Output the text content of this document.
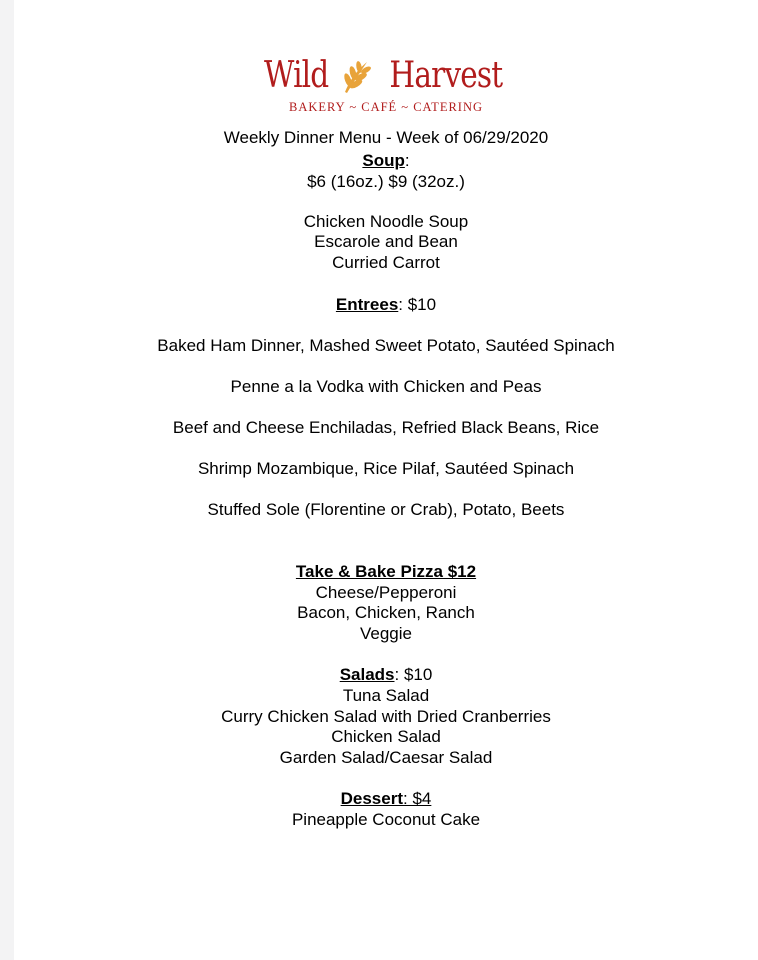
Wild Harvest
BAKERY ~ CAFÉ ~ CATERING
Weekly Dinner Menu - Week of 06/29/2020
Soup:
$6 (16oz.) $9 (32oz.)
Chicken Noodle Soup
Escarole and Bean
Curried Carrot
Entrees: $10
Baked Ham Dinner, Mashed Sweet Potato, Sautéed Spinach
Penne a la Vodka with Chicken and Peas
Beef and Cheese Enchiladas, Refried Black Beans, Rice
Shrimp Mozambique, Rice Pilaf, Sautéed Spinach
Stuffed Sole (Florentine or Crab), Potato, Beets
Take & Bake Pizza $12
Cheese/Pepperoni
Bacon, Chicken, Ranch
Veggie
Salads: $10
Tuna Salad
Curry Chicken Salad with Dried Cranberries
Chicken Salad
Garden Salad/Caesar Salad
Dessert: $4
Pineapple Coconut Cake
